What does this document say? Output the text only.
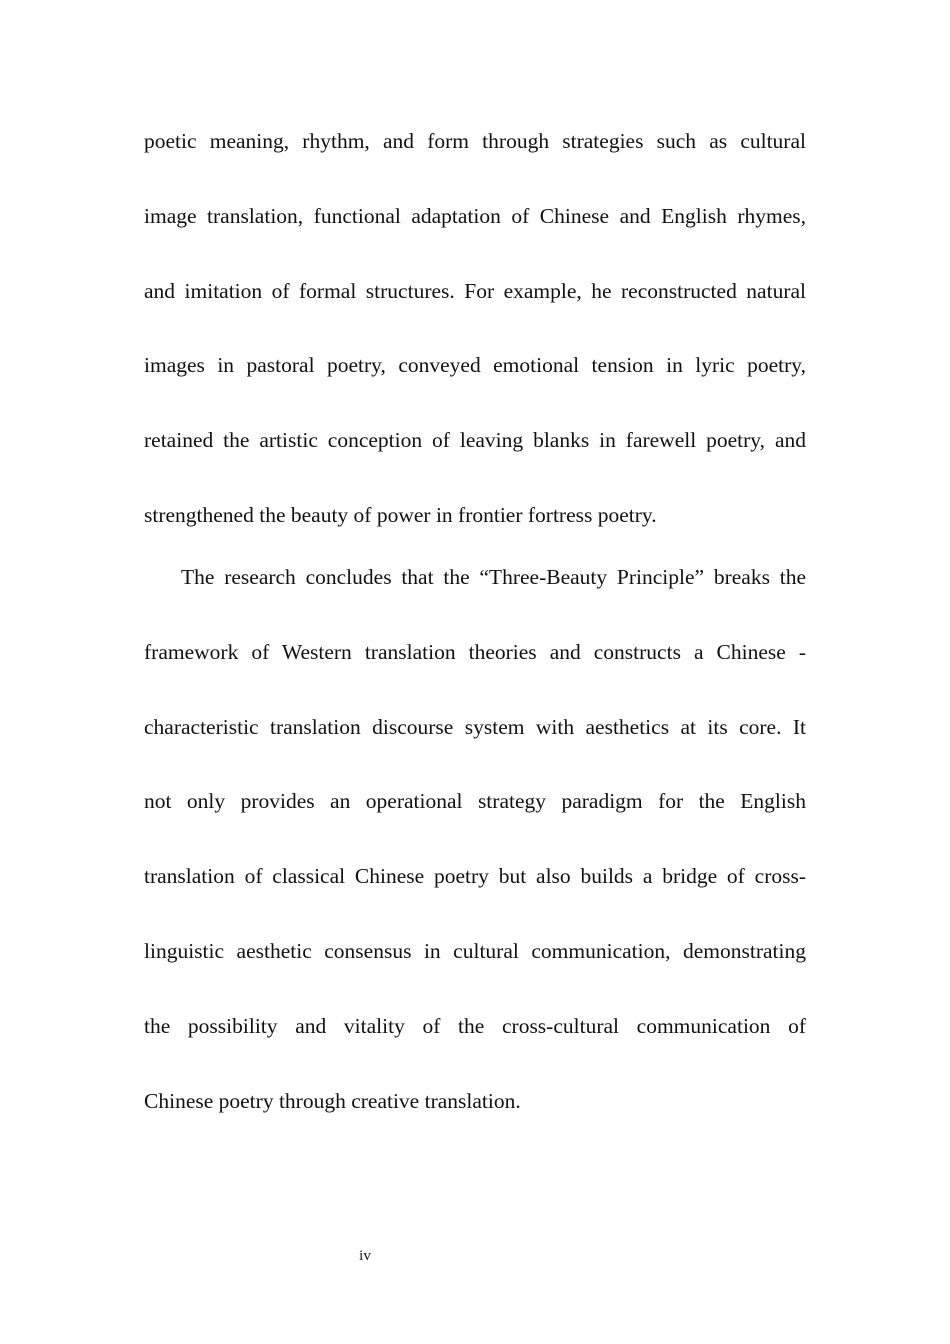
poetic meaning, rhythm, and form through strategies such as cultural
image translation, functional adaptation of Chinese and English rhymes,
and imitation of formal structures. For example, he reconstructed natural
images in pastoral poetry, conveyed emotional tension in lyric poetry,
retained the artistic conception of leaving blanks in farewell poetry, and
strengthened the beauty of power in frontier fortress poetry.
The research concludes that the “Three-Beauty Principle” breaks the
framework of Western translation theories and constructs a Chinese -
characteristic translation discourse system with aesthetics at its core. It
not only provides an operational strategy paradigm for the English
translation of classical Chinese poetry but also builds a bridge of cross-
linguistic aesthetic consensus in cultural communication, demonstrating
the possibility and vitality of the cross-cultural communication of
Chinese poetry through creative translation.
iv
